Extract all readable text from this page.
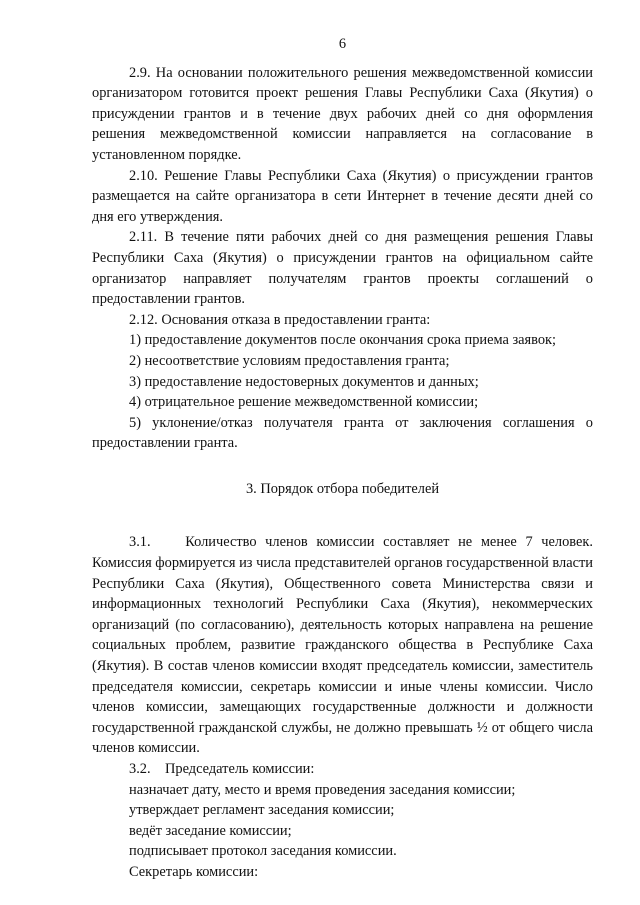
6

2.9. На основании положительного решения межведомственной комиссии организатором готовится проект решения Главы Республики Саха (Якутия) о присуждении грантов и в течение двух рабочих дней со дня оформления решения межведомственной комиссии направляется на согласование в установленном порядке.

2.10. Решение Главы Республики Саха (Якутия) о присуждении грантов размещается на сайте организатора в сети Интернет в течение десяти дней со дня его утверждения.

2.11. В течение пяти рабочих дней со дня размещения решения Главы Республики Саха (Якутия) о присуждении грантов на официальном сайте организатор направляет получателям грантов проекты соглашений о предоставлении грантов.

2.12. Основания отказа в предоставлении гранта:

1) предоставление документов после окончания срока приема заявок;

2) несоответствие условиям предоставления гранта;

3) предоставление недостоверных документов и данных;

4) отрицательное решение межведомственной комиссии;

5) уклонение/отказ получателя гранта от заключения соглашения о предоставлении гранта.

3. Порядок отбора победителей

3.1.    Количество членов комиссии составляет не менее 7 человек. Комиссия формируется из числа представителей органов государственной власти Республики Саха (Якутия), Общественного совета Министерства связи и информационных технологий Республики Саха (Якутия), некоммерческих организаций (по согласованию), деятельность которых направлена на решение социальных проблем, развитие гражданского общества в Республике Саха (Якутия). В состав членов комиссии входят председатель комиссии, заместитель председателя комиссии, секретарь комиссии и иные члены комиссии. Число членов комиссии, замещающих государственные должности и должности государственной гражданской службы, не должно превышать ½ от общего числа членов комиссии.

3.2.    Председатель комиссии:

назначает дату, место и время проведения заседания комиссии;

утверждает регламент заседания комиссии;

ведёт заседание комиссии;

подписывает протокол заседания комиссии.

Секретарь комиссии:
